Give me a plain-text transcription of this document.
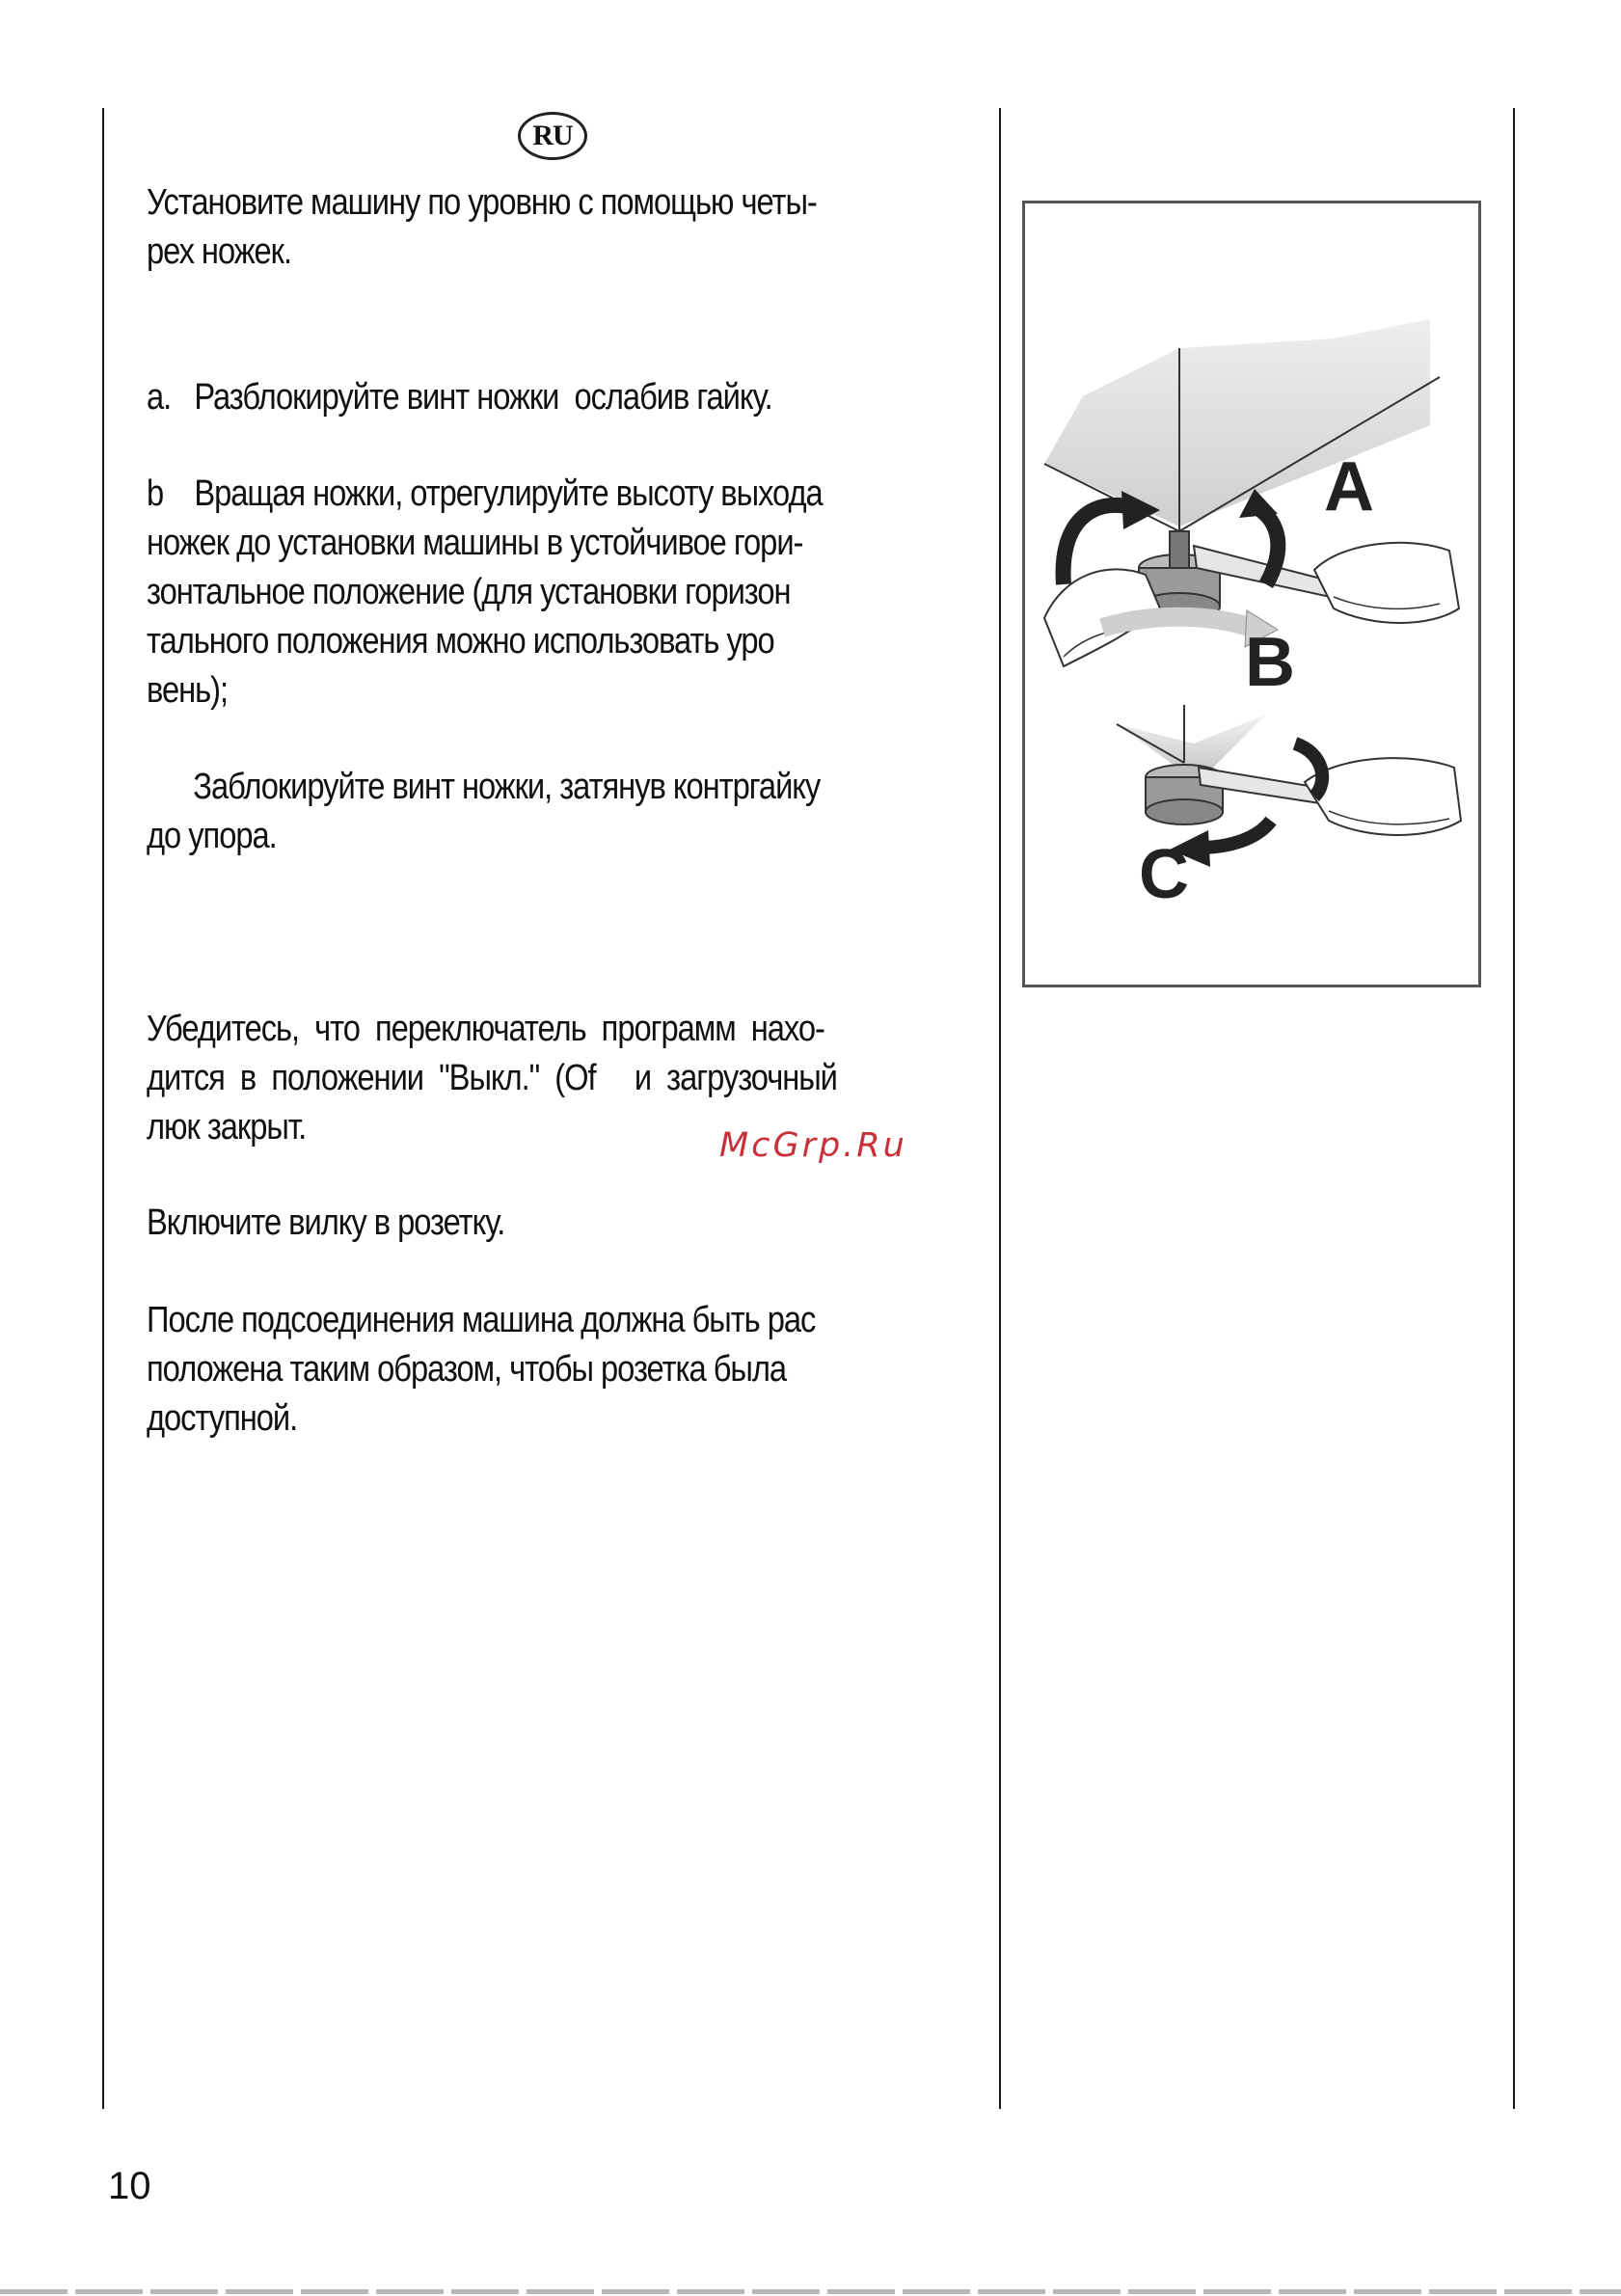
RU

Установите машину по уровню с помощью четы-
рех ножек.

a.   Разблокируйте винт ножки  ослабив гайку.

b    Вращая ножки, отрегулируйте высоту выхода
ножек до установки машины в устойчивое гори-
зонтальное положение (для установки горизон
тального положения можно использовать уро
вень);

Заблокируйте винт ножки, затянув контргайку
до упора.

Убедитесь,  что  переключатель  программ  нахо-
дится  в  положении  "Выкл."  (Of     и  загрузочный
люк закрыт.

Включите вилку в розетку.

После подсоединения машина должна быть рас
положена таким образом, чтобы розетка была
доступной.

McGrp.Ru
A
B
C
10
